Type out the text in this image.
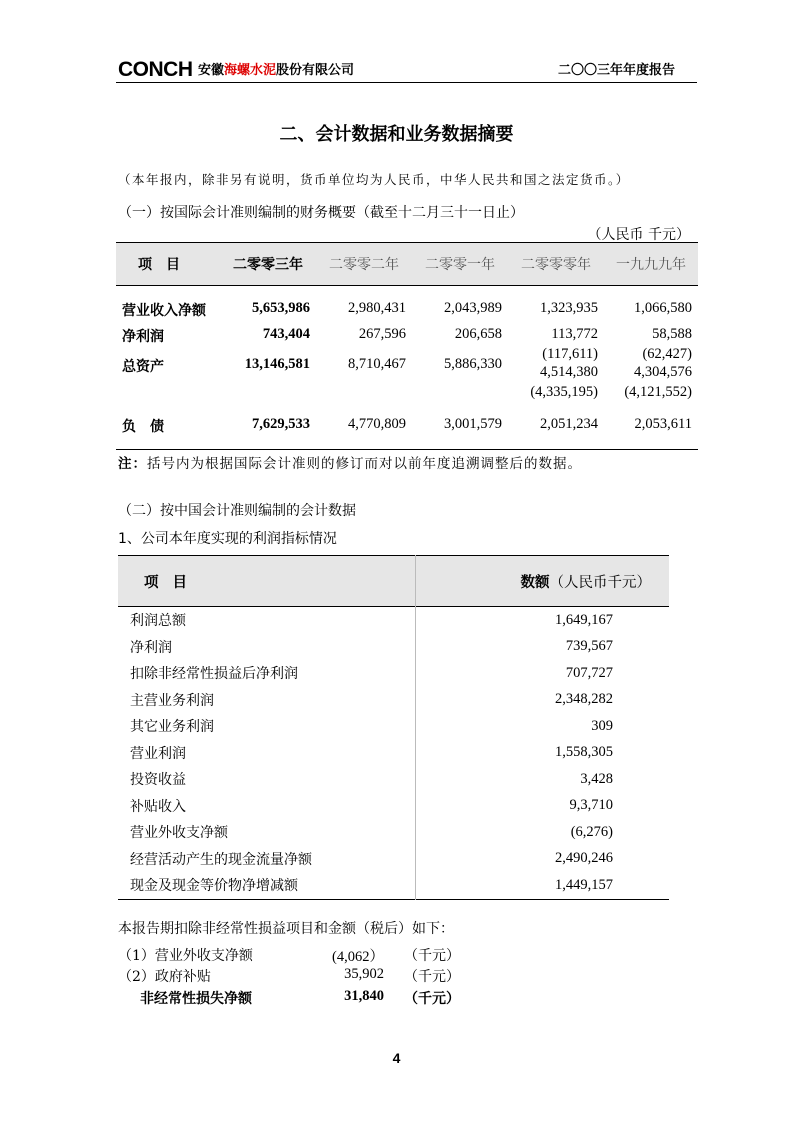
CONCH 安徽海螺水泥股份有限公司	二〇〇三年年度报告
二、会计数据和业务数据摘要
（本年报内，除非另有说明，货币单位均为人民币，中华人民共和国之法定货币。）
（一）按国际会计准则编制的财务概要（截至十二月三十一日止）
（人民币 千元）
项目	二零零三年	二零零二年	二零零一年	二零零零年	一九九九年

营业收入净额	5,653,986	2,980,431	2,043,989	1,323,935	1,066,580

净利润	743,404	267,596	206,658	113,772	58,588
				(117,611)	(62,427)
总资产	13,146,581	8,710,467	5,886,330	4,514,380	4,304,576
				(4,335,195)	(4,121,552)

负债	7,629,533	4,770,809	3,001,579	2,051,234	2,053,611

注：括号内为根据国际会计准则的修订而对以前年度追溯调整后的数据。
（二）按中国会计准则编制的会计数据
1、公司本年度实现的利润指标情况
项目	数额（人民币千元）
利润总额	1,649,167
净利润	739,567
扣除非经常性损益后净利润	707,727
主营业务利润	2,348,282
其它业务利润	309
营业利润	1,558,305
投资收益	3,428
补贴收入	9,3,710
营业外收支净额	(6,276)
经营活动产生的现金流量净额	2,490,246
现金及现金等价物净增减额	1,449,157
本报告期扣除非经常性损益项目和金额（税后）如下：
（1）营业外收支净额	(4,062） （千元）
（2）政府补贴	35,902 （千元）
非经常性损失净额	31,840 （千元）
4
